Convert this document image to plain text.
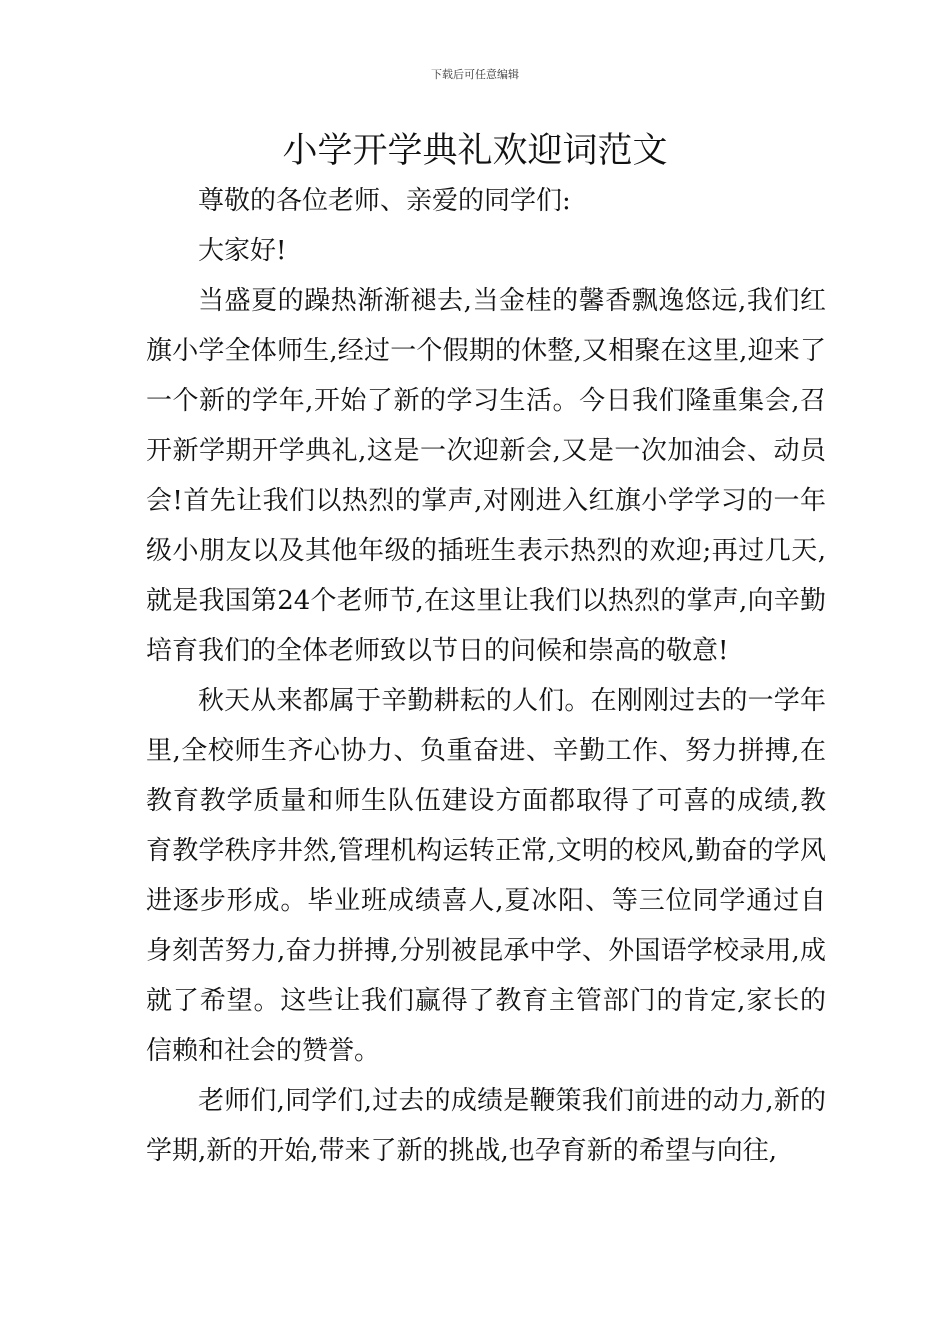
下载后可任意编辑
小学开学典礼欢迎词范文

尊敬的各位老师、亲爱的同学们:

大家好!

当盛夏的躁热渐渐褪去,当金桂的馨香飘逸悠远,我们红旗小学全体师生,经过一个假期的休整,又相聚在这里,迎来了一个新的学年,开始了新的学习生活。今日我们隆重集会,召开新学期开学典礼,这是一次迎新会,又是一次加油会、动员会!首先让我们以热烈的掌声,对刚进入红旗小学学习的一年级小朋友以及其他年级的插班生表示热烈的欢迎;再过几天,就是我国第24个老师节,在这里让我们以热烈的掌声,向辛勤培育我们的全体老师致以节日的问候和崇高的敬意!

秋天从来都属于辛勤耕耘的人们。在刚刚过去的一学年里,全校师生齐心协力、负重奋进、辛勤工作、努力拼搏,在教育教学质量和师生队伍建设方面都取得了可喜的成绩,教育教学秩序井然,管理机构运转正常,文明的校风,勤奋的学风进逐步形成。毕业班成绩喜人,夏冰阳、等三位同学通过自身刻苦努力,奋力拼搏,分别被昆承中学、外国语学校录用,成就了希望。这些让我们赢得了教育主管部门的肯定,家长的信赖和社会的赞誉。

老师们,同学们,过去的成绩是鞭策我们前进的动力,新的学期,新的开始,带来了新的挑战,也孕育新的希望与向往,
